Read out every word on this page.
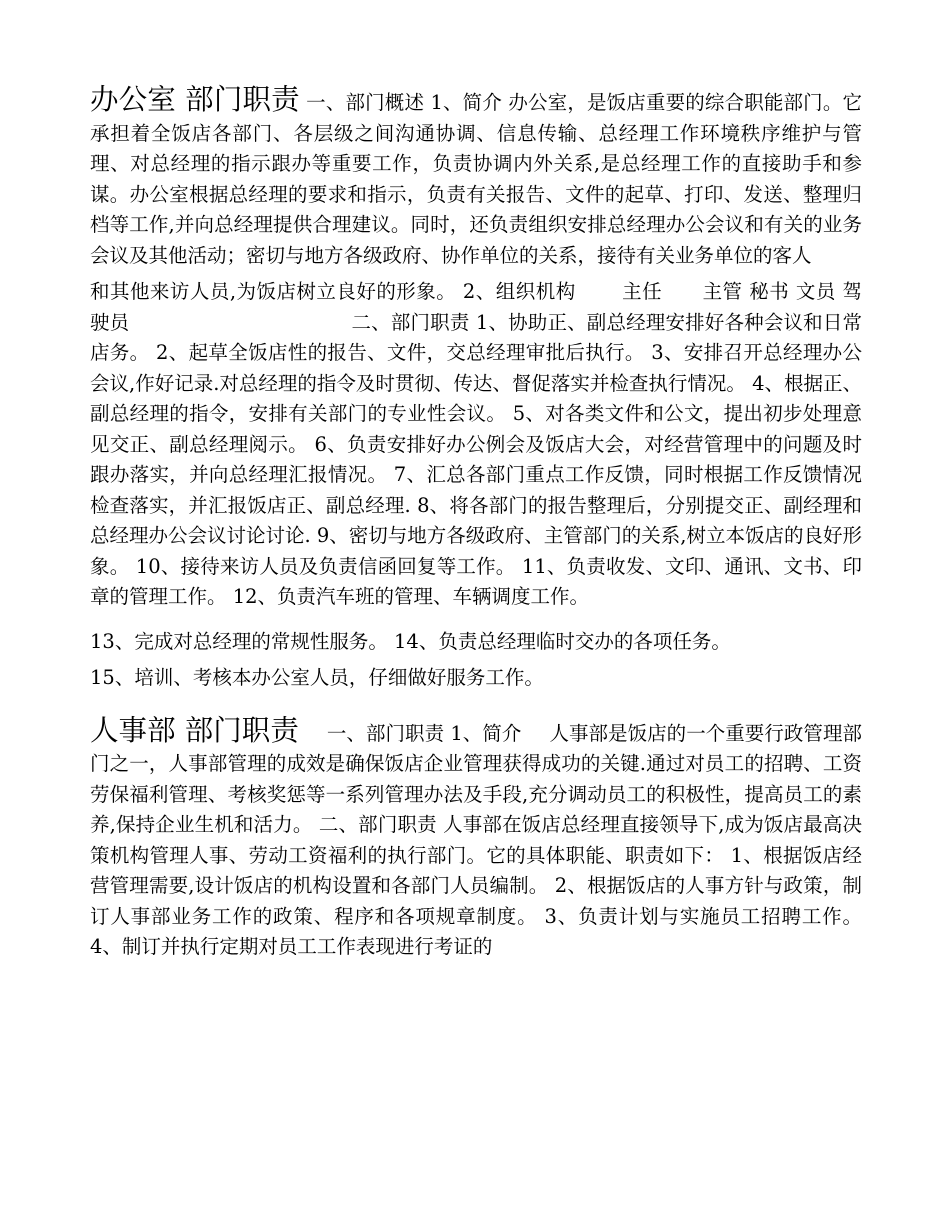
办公室 部门职责 一、部门概述 1、简介 办公室，是饭店重要的综合职能部门。它承担着全饭店各部门、各层级之间沟通协调、信息传输、总经理工作环境秩序维护与管理、对总经理的指示跟办等重要工作，负责协调内外关系,是总经理工作的直接助手和参谋。办公室根据总经理的要求和指示，负责有关报告、文件的起草、打印、发送、整理归档等工作,并向总经理提供合理建议。同时，还负责组织安排总经理办公会议和有关的业务会议及其他活动；密切与地方各级政府、协作单位的关系，接待有关业务单位的客人

和其他来访人员,为饭店树立良好的形象。 2、组织机构 主任 主管 秘书 文员 驾驶员	二、部门职责 1、协助正、副总经理安排好各种会议和日常店务。 2、起草全饭店性的报告、文件，交总经理审批后执行。 3、安排召开总经理办公会议,作好记录.对总经理的指令及时贯彻、传达、督促落实并检查执行情况。 4、根据正、副总经理的指令，安排有关部门的专业性会议。 5、对各类文件和公文，提出初步处理意见交正、副总经理阅示。 6、负责安排好办公例会及饭店大会，对经营管理中的问题及时跟办落实，并向总经理汇报情况。 7、汇总各部门重点工作反馈，同时根据工作反馈情况检查落实，并汇报饭店正、副总经理. 8、将各部门的报告整理后，分别提交正、副经理和总经理办公会议讨论讨论. 9、密切与地方各级政府、主管部门的关系,树立本饭店的良好形象。 10、接待来访人员及负责信函回复等工作。 11、负责收发、文印、通讯、文书、印章的管理工作。 12、负责汽车班的管理、车辆调度工作。

13、完成对总经理的常规性服务。 14、负责总经理临时交办的各项任务。

15、培训、考核本办公室人员，仔细做好服务工作。

人事部 部门职责 一、部门职责 1、简介 人事部是饭店的一个重要行政管理部门之一，人事部管理的成效是确保饭店企业管理获得成功的关键.通过对员工的招聘、工资劳保福利管理、考核奖惩等一系列管理办法及手段,充分调动员工的积极性，提高员工的素养,保持企业生机和活力。 二、部门职责 人事部在饭店总经理直接领导下,成为饭店最高决策机构管理人事、劳动工资福利的执行部门。它的具体职能、职责如下： 1、根据饭店经营管理需要,设计饭店的机构设置和各部门人员编制。 2、根据饭店的人事方针与政策，制订人事部业务工作的政策、程序和各项规章制度。 3、负责计划与实施员工招聘工作。 4、制订并执行定期对员工工作表现进行考证的
